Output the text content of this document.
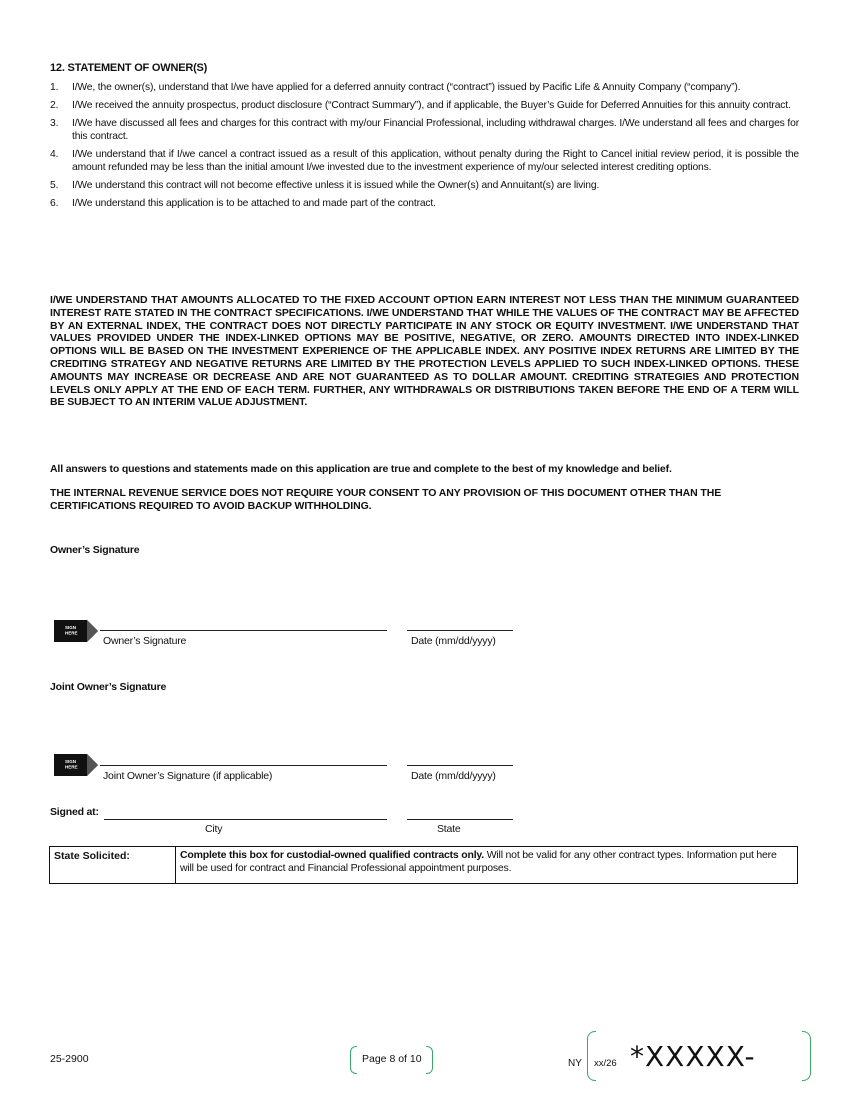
12. STATEMENT OF OWNER(S)
1. I/We, the owner(s), understand that I/we have applied for a deferred annuity contract (“contract”) issued by Pacific Life & Annuity Company (“company”).
2. I/We received the annuity prospectus, product disclosure (“Contract Summary”), and if applicable, the Buyer’s Guide for Deferred Annuities for this annuity contract.
3. I/We have discussed all fees and charges for this contract with my/our Financial Professional, including withdrawal charges. I/We understand all fees and charges for this contract.
4. I/We understand that if I/we cancel a contract issued as a result of this application, without penalty during the Right to Cancel initial review period, it is possible the amount refunded may be less than the initial amount I/we invested due to the investment experience of my/our selected interest crediting options.
5. I/We understand this contract will not become effective unless it is issued while the Owner(s) and Annuitant(s) are living.
6. I/We understand this application is to be attached to and made part of the contract.
I/WE UNDERSTAND THAT AMOUNTS ALLOCATED TO THE FIXED ACCOUNT OPTION EARN INTEREST NOT LESS THAN THE MINIMUM GUARANTEED INTEREST RATE STATED IN THE CONTRACT SPECIFICATIONS. I/WE UNDERSTAND THAT WHILE THE VALUES OF THE CONTRACT MAY BE AFFECTED BY AN EXTERNAL INDEX, THE CONTRACT DOES NOT DIRECTLY PARTICIPATE IN ANY STOCK OR EQUITY INVESTMENT. I/WE UNDERSTAND THAT VALUES PROVIDED UNDER THE INDEX-LINKED OPTIONS MAY BE POSITIVE, NEGATIVE, OR ZERO. AMOUNTS DIRECTED INTO INDEX-LINKED OPTIONS WILL BE BASED ON THE INVESTMENT EXPERIENCE OF THE APPLICABLE INDEX. ANY POSITIVE INDEX RETURNS ARE LIMITED BY THE CREDITING STRATEGY AND NEGATIVE RETURNS ARE LIMITED BY THE PROTECTION LEVELS APPLIED TO SUCH INDEX-LINKED OPTIONS. THESE AMOUNTS MAY INCREASE OR DECREASE AND ARE NOT GUARANTEED AS TO DOLLAR AMOUNT. CREDITING STRATEGIES AND PROTECTION LEVELS ONLY APPLY AT THE END OF EACH TERM. FURTHER, ANY WITHDRAWALS OR DISTRIBUTIONS TAKEN BEFORE THE END OF A TERM WILL BE SUBJECT TO AN INTERIM VALUE ADJUSTMENT.
All answers to questions and statements made on this application are true and complete to the best of my knowledge and belief.
THE INTERNAL REVENUE SERVICE DOES NOT REQUIRE YOUR CONSENT TO ANY PROVISION OF THIS DOCUMENT OTHER THAN THE CERTIFICATIONS REQUIRED TO AVOID BACKUP WITHHOLDING.
Owner’s Signature
SIGN
HERE
Owner’s Signature	Date (mm/dd/yyyy)
Joint Owner’s Signature
SIGN
HERE
Joint Owner’s Signature (if applicable)	Date (mm/dd/yyyy)
Signed at:
City	State
State Solicited:	Complete this box for custodial-owned qualified contracts only. Will not be valid for any other contract types. Information put here will be used for contract and Financial Professional appointment purposes.
25-2900	Page 8 of 10	NY xx/26 *XXXXX-
